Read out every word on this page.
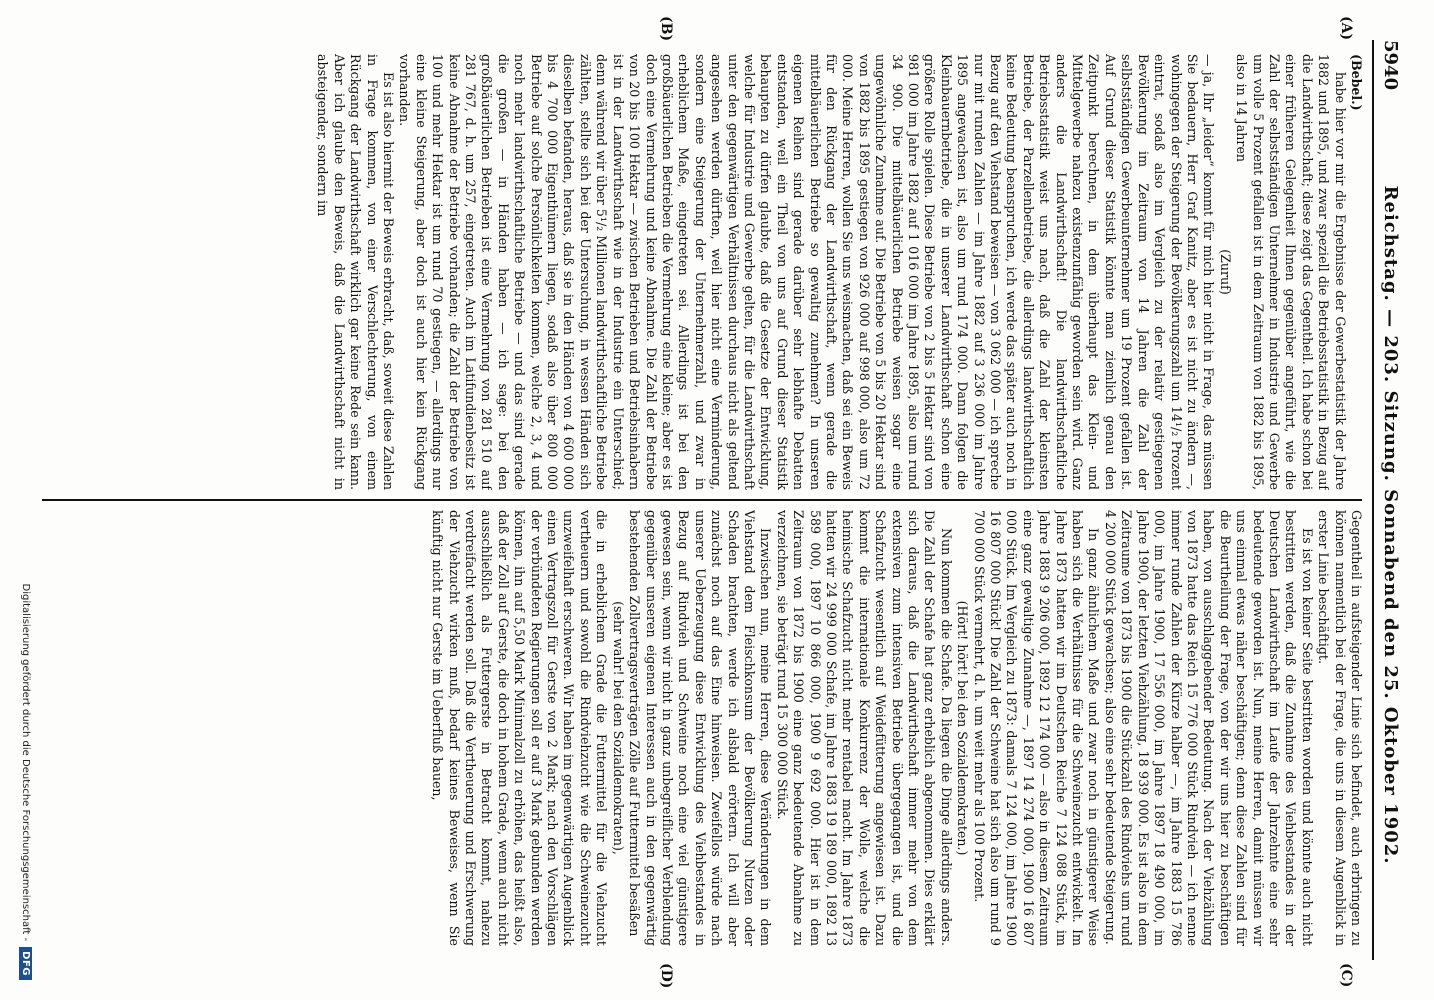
5940
Reichstag. — 203. Sitzung. Sonnabend den 25. Oktober 1902.
(A)
(B)
(C)
(D)

(Bebel.)

habe hier vor mir die Ergebnisse der Gewerbestatistik der Jahre 1882 und 1895, und zwar speziell die Betriebsstatistik in Bezug auf die Landwirthschaft; diese zeigt das Gegentheil. Ich habe schon bei einer früheren Gelegenheit Ihnen gegenüber angeführt, wie die Zahl der selbstständigen Unternehmer in Industrie und Gewerbe um volle 5 Prozent gefallen ist in dem Zeitraum von 1882 bis 1895, also in 14 Jahren

(Zuruf)

— ja, Ihr „leider“ kommt für mich hier nicht in Frage, das müssen Sie bedauern, Herr Graf Kanitz, aber es ist nicht zu ändern —, wohingegen der Steigerung der Bevölkerungszahl um 14¹/₂ Prozent eintrat, sodaß also im Vergleich zu der relativ gestiegenen Bevölkerung im Zeitraum von 14 Jahren die Zahl der selbstständigen Gewerbeunternehmer um 19 Prozent gefallen ist. Auf Grund dieser Statistik könnte man ziemlich genau den Zeitpunkt berechnen, in dem überhaupt das Klein- und Mittelgewerbe nahezu existenzunfähig geworden sein wird. Ganz anders die Landwirthschaft! Die landwirthschaftliche Betriebsstatistik weist uns nach, daß die Zahl der kleinsten Betriebe, der Parzellenbetriebe, die allerdings landwirthschaftlich keine Bedeutung beanspruchen, ich werde das später auch noch in Bezug auf den Viehstand beweisen — von 3 062 000 — ich spreche nur mit runden Zahlen — im Jahre 1882 auf 3 236 000 im Jahre 1895 angewachsen ist, also um rund 174 000. Dann folgen die Kleinbauernbetriebe, die in unserer Landwirthschaft schon eine größere Rolle spielen. Diese Betriebe von 2 bis 5 Hektar sind von 981 000 im Jahre 1882 auf 1 016 000 im Jahre 1895, also um rund 34 900. Die mittelbäuerlichen Betriebe weisen sogar eine ungewöhnliche Zunahme auf. Die Betriebe von 5 bis 20 Hektar sind von 1882 bis 1895 gestiegen von 926 000 auf 998 000, also um 72 000. Meine Herren, wollen Sie uns weismachen, daß sei ein Beweis für den Rückgang der Landwirthschaft, wenn gerade die mittelbäuerlichen Betriebe so gewaltig zunehmen? In unseren eigenen Reihen sind gerade darüber sehr lebhafte Debatten entstanden, weil ein Theil von uns auf Grund dieser Statistik behaupten zu dürfen glaubte, daß die Gesetze der Entwicklung, welche für Industrie und Gewerbe gelten, für die Landwirthschaft unter den gegenwärtigen Verhältnissen durchaus nicht als geltend angesehen werden dürften, weil hier nicht eine Verminderung, sondern eine Steigerung der Unternehmerzahl, und zwar in erheblichem Maße, eingetreten sei. Allerdings ist bei den großbäuerlichen Betrieben die Vermehrung eine kleine; aber es ist doch eine Vermehrung und keine Abnahme. Die Zahl der Betriebe von 20 bis 100 Hektar — zwischen Betrieben und Betriebsinhabern ist in der Landwirthschaft wie in der Industrie ein Unterschied; denn während wir über 5¹/₂ Millionen landwirthschaftliche Betriebe zählten, stellte sich bei der Untersuchung, in wessen Händen sich dieselben befanden, heraus, daß sie in den Händen von 4 600 000 bis 4 700 000 Eigenthümern liegen, sodaß also über 800 000 Betriebe auf solche Persönlichkeiten kommen, welche 2, 3, 4 und noch mehr landwirthschaftliche Betriebe — und das sind gerade die großen — in Händen haben — ich sage: bei den großbäuerlichen Betrieben ist eine Vermehrung von 281 510 auf 281 767, d. h. um 257, eingetreten. Auch im Latifundienbesitz ist keine Abnahme der Betriebe vorhanden; die Zahl der Betriebe von 100 und mehr Hektar ist um rund 70 gestiegen, — allerdings nur eine kleine Steigerung, aber doch ist auch hier kein Rückgang vorhanden.

Es ist also hiermit der Beweis erbracht, daß, soweit diese Zahlen in Frage kommen, von einer Verschlechterung, von einem Rückgang der Landwirthschaft wirklich gar keine Rede sein kann. Aber ich glaube den Beweis, daß die Landwirthschaft nicht in absteigender, sondern im

Gegentheil in aufsteigender Linie sich befindet, auch erbringen zu können namentlich bei der Frage, die uns in diesem Augenblick in erster Linie beschäftigt.

Es ist von keiner Seite bestritten worden und könnte auch nicht bestritten werden, daß die Zunahme des Viehbestandes in der Deutschen Landwirthschaft im Laufe der Jahrzehnte eine sehr bedeutende geworden ist. Nun, meine Herren, damit müssen wir uns einmal etwas näher beschäftigen; denn diese Zahlen sind für die Beurtheilung der Frage, von der wir uns hier zu beschäftigen haben, von ausschlaggebender Bedeutung. Nach der Viehzählung von 1873 hatte das Reich 15 776 000 Stück Rindvieh — ich nenne immer runde Zahlen der Kürze halber —, im Jahre 1883 15 786 000, im Jahre 1900, 17 556 000, im Jahre 1897 18 490 000, im Jahre 1900, der letzten Viehzählung, 18 939 000. Es ist also in dem Zeitraume von 1873 bis 1900 die Stückzahl des Rindviehs um rund 4 200 000 Stück gewachsen; also eine sehr bedeutende Steigerung.

In ganz ähnlichem Maße und zwar noch in günstigerer Weise haben sich die Verhältnisse für die Schweinezucht entwickelt. Im Jahre 1873 hatten wir im Deutschen Reiche 7 124 088 Stück, im Jahre 1883 9 206 000, 1892 12 174 000 — also in diesem Zeitraum eine ganz gewaltige Zunahme —, 1897 14 274 000, 1900 16 807 000 Stück. Im Vergleich zu 1873: damals 7 124 000, im Jahre 1900 16 807 000 Stück! Die Zahl der Schweine hat sich also um rund 9 700 000 Stück vermehrt, d. h. um weit mehr als 100 Prozent.

(Hört! hört! bei den Sozialdemokraten.)

Nun kommen die Schafe. Da liegen die Dinge allerdings anders. Die Zahl der Schafe hat ganz erheblich abgenommen. Dies erklärt sich daraus, daß die Landwirthschaft immer mehr von dem extensiven zum intensiven Betriebe übergegangen ist, und die Schafzucht wesentlich auf Weidefütterung angewiesen ist. Dazu kommt die internationale Konkurrenz der Wolle, welche die heimische Schafzucht nicht mehr rentabel macht. Im Jahre 1873 hatten wir 24 999 000 Schafe, im Jahre 1883 19 189 000, 1892 13 589 000, 1897 10 866 000, 1900 9 692 000. Hier ist in dem Zeitraum von 1872 bis 1900 eine ganz bedeutende Abnahme zu verzeichnen, sie beträgt rund 15 300 000 Stück.

Inzwischen nun, meine Herren, diese Veränderungen in dem Viehstand dem Fleischkonsum der Bevölkerung Nutzen oder Schaden brachten, werde ich alsbald erörtern. Ich will aber zunächst noch auf das Eine hinweisen. Zweifellos würde nach unserer Ueberzeugung diese Entwicklung des Viehbestandes in Bezug auf Rindvieh und Schweine noch eine viel günstigere gewesen sein, wenn wir nicht in ganz unbegreiflicher Verblendung gegenüber unseren eigenen Interessen auch in den gegenwärtig bestehenden Zollvertragsverträgen Zölle auf Futtermittel besäßen

(sehr wahr! bei den Sozialdemokraten),

die in erheblichem Grade die Futtermittel für die Viehzucht vertheuern und sowohl die Rindviehzucht wie die Schweinezucht unzweifelhaft erschweren. Wir haben im gegenwärtigen Augenblick einen Vertragszoll für Gerste von 2 Mark; nach den Vorschlägen der verbündeten Regierungen soll er auf 3 Mark gebunden werden können, ihn auf 5,50 Mark Minimalzoll zu erhöhen, das heißt also, daß der Zoll auf Gerste, die doch in hohem Grade, wenn auch nicht ausschließlich als Futtergerste in Betracht kommt, nahezu verdreifacht werden soll. Daß die Vertheuerung und Erschwerung der Viehzucht wirken muß, bedarf keines Beweises, wenn Sie künftig nicht nur Gerste im Ueberfluß bauen,

Digitalisierung gefördert durch die Deutsche Forschungsgemeinschaft -
DFG
